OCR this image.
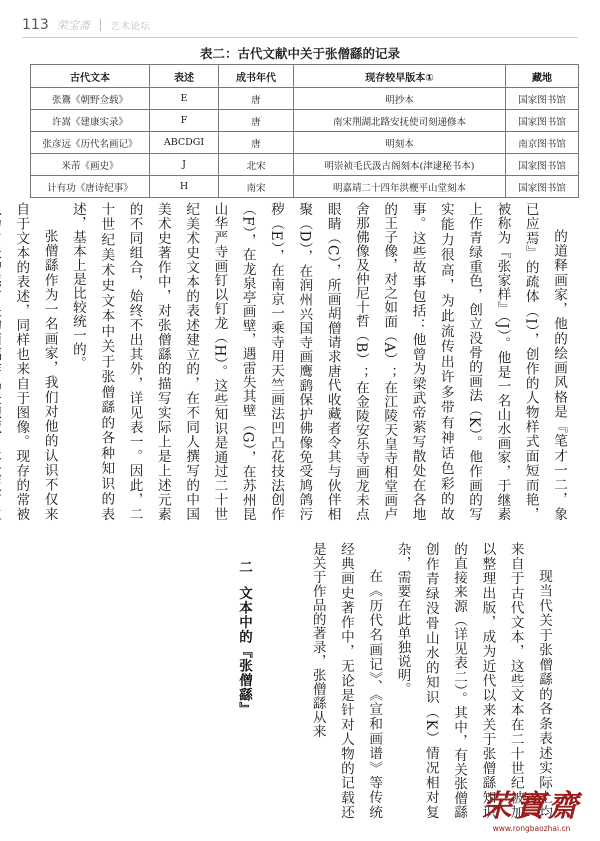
113 荣宝斋 艺术论坛
表二：古代文献中关于张僧繇的记录
古代文本	表述	成书年代	现存较早版本①	藏地
张鷟《朝野佥载》	E	唐	明抄本	国家图书馆
许嵩《建康实录》	F	唐	南宋荆湖北路安抚使司刻递修本	国家图书馆
张彦远《历代名画记》	ABCDGI	唐	明刻本	南京图书馆
米芾《画史》	J	北宋	明崇祯毛氏汲古阁刻本(津逮秘书本)	国家图书馆
计有功《唐诗纪事》	H	南宋	明嘉靖二十四年洪楩平山堂刻本	国家图书馆

的道释画家，他的绘画风格是『笔才一二，象已应焉』的疏体（I），创作的人物样式面短而艳，被称为『张家样』（J）。他是一名山水画家，于继素上作青绿重色，创立没骨的画法（K）。他作画的写实能力很高，为此流传出许多带有神话色彩的故事。这些故事包括：他曾为梁武帝萦写散处在各地的王子像，对之如面（A）；在江陵天皇寺相堂画卢舍那佛像及仲尼十哲（B）；在金陵安乐寺画龙未点眼睛（C），所画胡僧请求唐代收藏者令其与伙伴相聚（D），在润州兴国寺画鹰鹞保护佛像免受鸠鸽污秽（E），在南京一乘寺用天竺画法凹凸花技法创作（F），在龙泉亭画壁，遇雷失其壁（G），在苏州昆山华严寺画钉以钉龙（H）。这些知识是通过二十世纪美术史文本的表述建立的，在不同人撰写的中国美术史著作中，对张僧繇的描写实际上是上述元素的不同组合，始终不出其外，详见表一。因此，二十世纪美术史文本中关于张僧繇的各种知识的表述，基本上是比较统一的。

张僧繇作为一名画家，我们对他的认识不仅来自于文本的表述，同样也来自于图像。现存的常被

二 文本中的『张僧繇』	现当代关于张僧繇的各条表述实际上均来自于古代文本，这些文本在二十世纪被加以整理出版，成为近代以来关于张僧繇知识的直接来源（详见表二）。其中，有关张僧繇创作青绿没骨山水的知识（K）情况相对复杂，需要在此单独说明。

在《历代名画记》、《宣和画谱》等传统经典画史著作中，无论是针对人物的记载还是关于作品的著录，张僧繇从来

荣寶齋
www.rongbaozhai.cn
